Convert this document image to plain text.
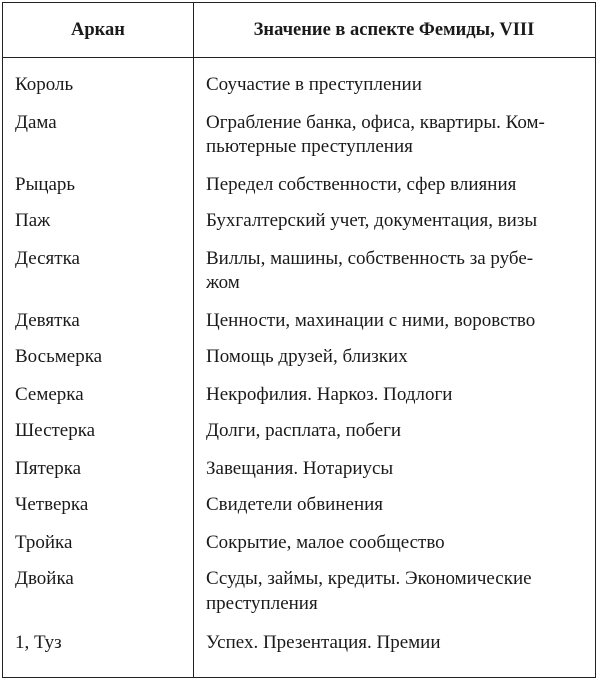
Аркан	Значение в аспекте Фемиды, VIII
Король	Соучастие в преступлении
Дама	Ограбление банка, офиса, квартиры. Ком-
пьютерные преступления
Рыцарь	Передел собственности, сфер влияния
Паж	Бухгалтерский учет, документация, визы
Десятка	Виллы, машины, собственность за рубе-
жом
Девятка	Ценности, махинации с ними, воровство
Восьмерка	Помощь друзей, близких
Семерка	Некрофилия. Наркоз. Подлоги
Шестерка	Долги, расплата, побеги
Пятерка	Завещания. Нотариусы
Четверка	Свидетели обвинения
Тройка	Сокрытие, малое сообщество
Двойка	Ссуды, займы, кредиты. Экономические
преступления
1, Туз	Успех. Презентация. Премии
